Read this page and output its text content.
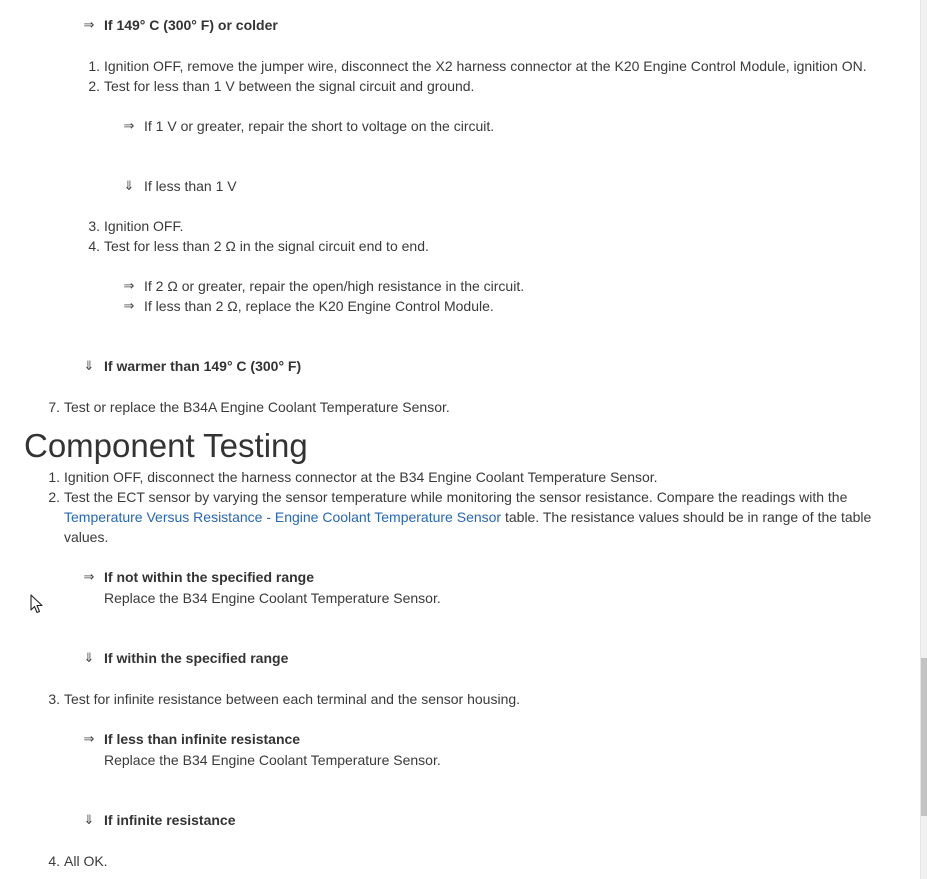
⇒ If 149° C (300° F) or colder
1. Ignition OFF, remove the jumper wire, disconnect the X2 harness connector at the K20 Engine Control Module, ignition ON.
2. Test for less than 1 V between the signal circuit and ground.
⇒ If 1 V or greater, repair the short to voltage on the circuit.
⇓ If less than 1 V
3. Ignition OFF.
4. Test for less than 2 Ω in the signal circuit end to end.
⇒ If 2 Ω or greater, repair the open/high resistance in the circuit.
⇒ If less than 2 Ω, replace the K20 Engine Control Module.
⇓ If warmer than 149° C (300° F)
7. Test or replace the B34A Engine Coolant Temperature Sensor.
Component Testing
1. Ignition OFF, disconnect the harness connector at the B34 Engine Coolant Temperature Sensor.
2. Test the ECT sensor by varying the sensor temperature while monitoring the sensor resistance. Compare the readings with the
Temperature Versus Resistance - Engine Coolant Temperature Sensor table. The resistance values should be in range of the table
values.
⇒ If not within the specified range
Replace the B34 Engine Coolant Temperature Sensor.
⇓ If within the specified range
3. Test for infinite resistance between each terminal and the sensor housing.
⇒ If less than infinite resistance
Replace the B34 Engine Coolant Temperature Sensor.
⇓ If infinite resistance
4. All OK.
